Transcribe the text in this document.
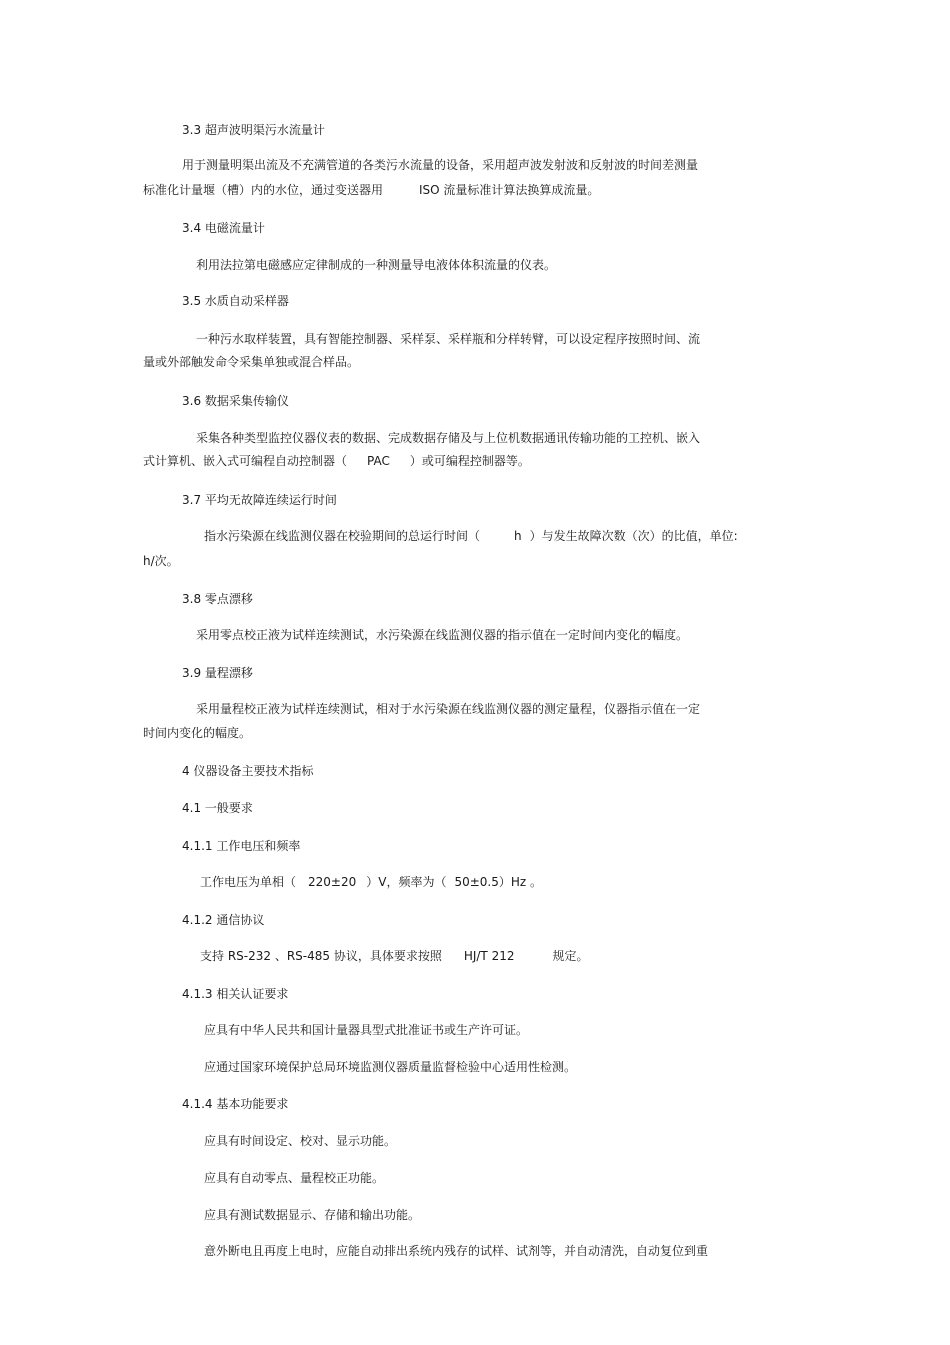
3.3 超声波明渠污水流量计
用于测量明渠出流及不充满管道的各类污水流量的设备，采用超声波发射波和反射波的时间差测量
标准化计量堰（槽）内的水位，通过变送器用	ISO 流量标准计算法换算成流量。
3.4 电磁流量计
利用法拉第电磁感应定律制成的一种测量导电液体体积流量的仪表。
3.5 水质自动采样器
一种污水取样装置，具有智能控制器、采样泵、采样瓶和分样转臂，可以设定程序按照时间、流
量或外部触发命令采集单独或混合样品。
3.6 数据采集传输仪
采集各种类型监控仪器仪表的数据、完成数据存储及与上位机数据通讯传输功能的工控机、嵌入
式计算机、嵌入式可编程自动控制器（ PAC ）或可编程控制器等。
3.7 平均无故障连续运行时间
指水污染源在线监测仪器在校验期间的总运行时间（	h ）与发生故障次数（次）的比值，单位:
h/次。
3.8 零点漂移
采用零点校正液为试样连续测试，水污染源在线监测仪器的指示值在一定时间内变化的幅度。
3.9 量程漂移
采用量程校正液为试样连续测试，相对于水污染源在线监测仪器的测定量程，仪器指示值在一定
时间内变化的幅度。
4 仪器设备主要技术指标
4.1 一般要求
4.1.1 工作电压和频率
工作电压为单相（ 220±20 ）V，频率为（ 50±0.5）Hz 。
4.1.2 通信协议
支持 RS-232 、RS-485 协议，具体要求按照 HJ/T 212	规定。
4.1.3 相关认证要求
应具有中华人民共和国计量器具型式批准证书或生产许可证。
应通过国家环境保护总局环境监测仪器质量监督检验中心适用性检测。
4.1.4 基本功能要求
应具有时间设定、校对、显示功能。
应具有自动零点、量程校正功能。
应具有测试数据显示、存储和输出功能。
意外断电且再度上电时，应能自动排出系统内残存的试样、试剂等，并自动清洗，自动复位到重
